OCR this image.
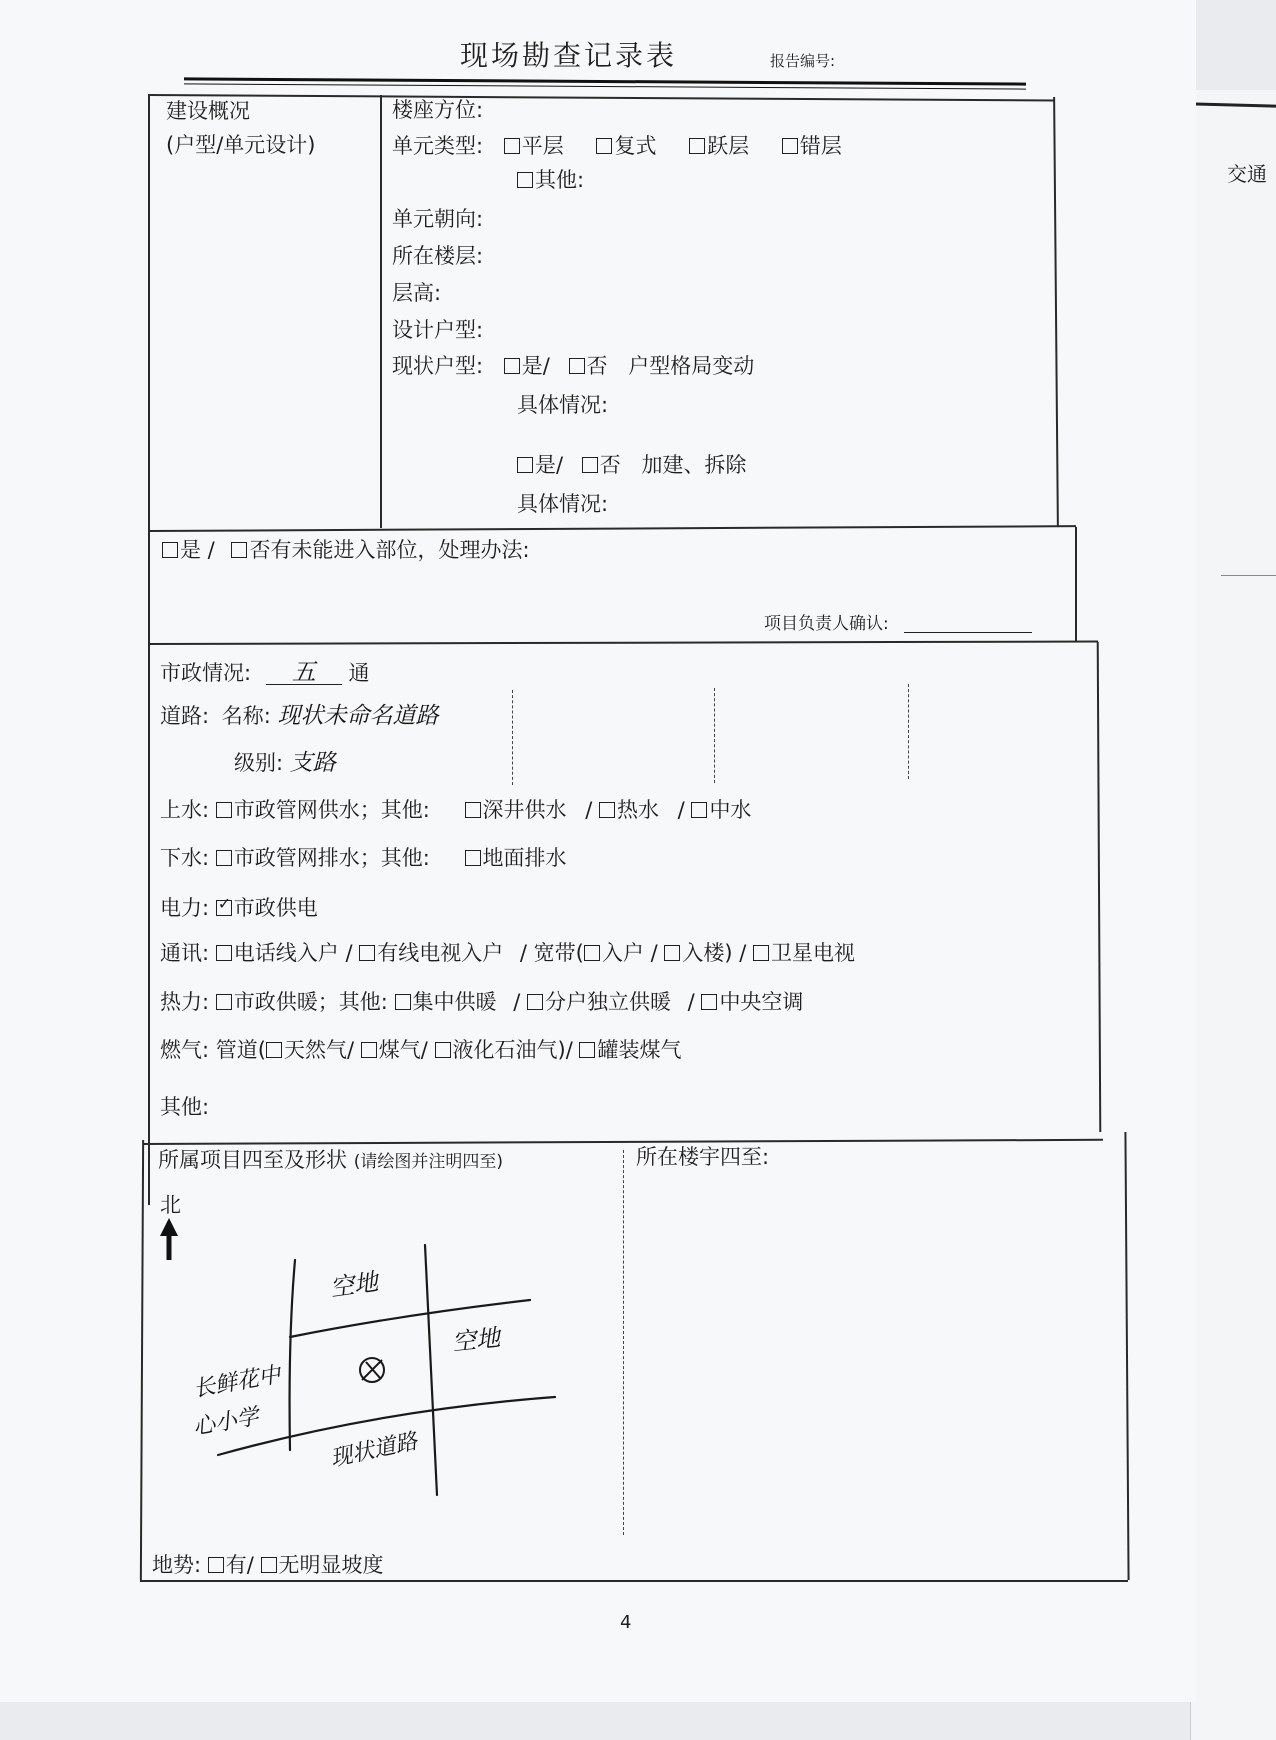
交通
现场勘查记录表	报告编号:
建设概况
(户型/单元设计)
楼座方位:
单元类型: 平层 复式 跃层 错层
其他:
单元朝向:
所在楼层:
层高:
设计户型:
现状户型: 是/ 否 户型格局变动
具体情况:
是/ 否 加建、拆除
具体情况:
是 / 否有未能进入部位，处理办法:
项目负责人确认:
市政情况: 五 通
道路: 名称: 现状未命名道路
级别: 支路
上水: 市政管网供水；其他:	深井供水 / 热水 / 中水
下水: 市政管网排水；其他:	地面排水
电力: ✓ 市政供电
通讯: 电话线入户 / 有线电视入户 / 宽带( 入户 / 入楼) / 卫星电视
热力: 市政供暖；其他: 集中供暖 / 分户独立供暖 / 中央空调
燃气: 管道( 天然气/ 煤气/ 液化石油气)/ 罐装煤气
其他:
所属项目四至及形状 (请绘图并注明四至)	所在楼宇四至:
北
空地
空地
长鲜花中
心小学
现状道路
地势: 有/ 无明显坡度
4
